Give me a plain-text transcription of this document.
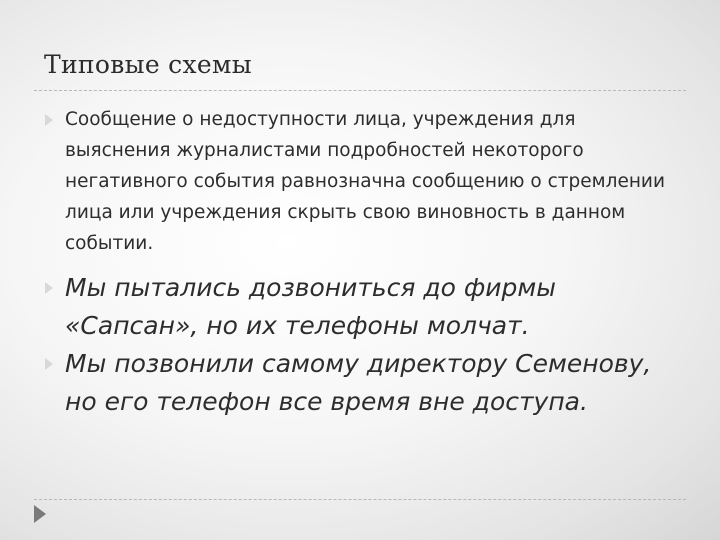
Типовые схемы
Сообщение о недоступности лица, учреждения для выяснения журналистами подробностей некоторого негативного события равнозначна сообщению о стремлении лица или учреждения скрыть свою виновность в данном событии.
Мы пытались дозвониться до фирмы «Сапсан», но их телефоны молчат.
Мы позвонили самому директору Семенову, но его телефон все время вне доступа.
